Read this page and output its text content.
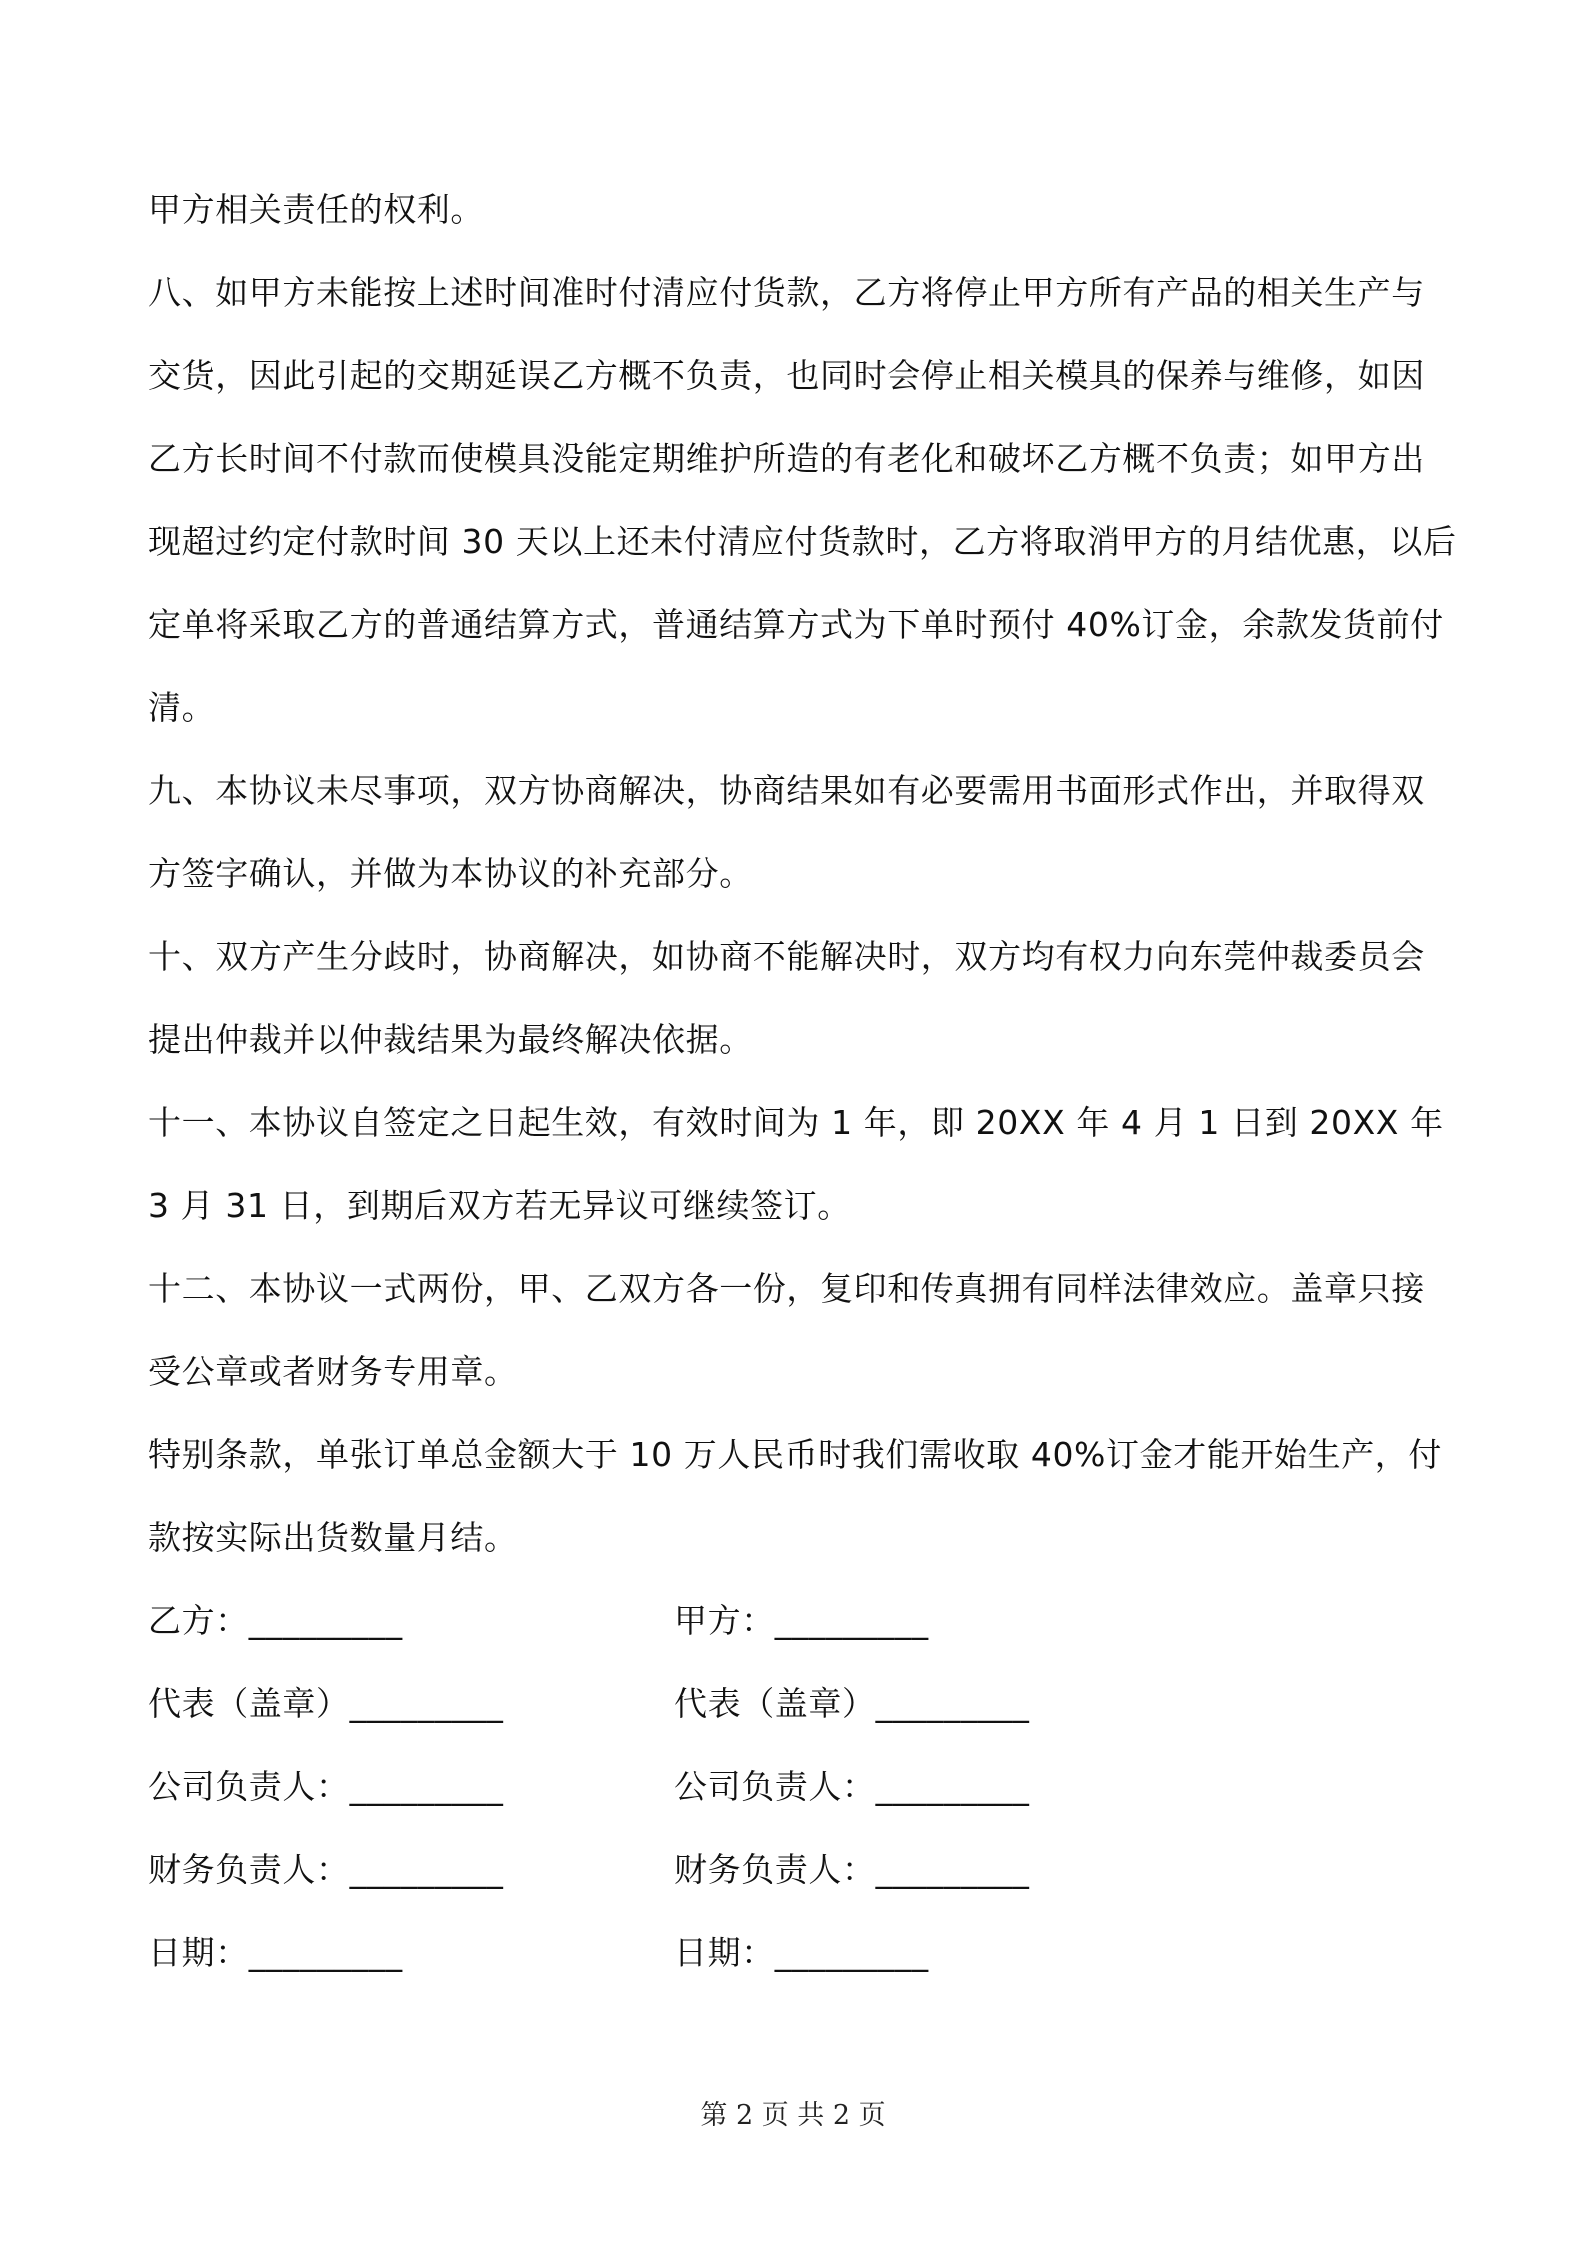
甲方相关责任的权利。

八、如甲方未能按上述时间准时付清应付货款，乙方将停止甲方所有产品的相关生产与交货，因此引起的交期延误乙方概不负责，也同时会停止相关模具的保养与维修，如因乙方长时间不付款而使模具没能定期维护所造的有老化和破坏乙方概不负责；如甲方出现超过约定付款时间 30 天以上还未付清应付货款时，乙方将取消甲方的月结优惠，以后定单将采取乙方的普通结算方式，普通结算方式为下单时预付 40%订金，余款发货前付清。

九、本协议未尽事项，双方协商解决，协商结果如有必要需用书面形式作出，并取得双方签字确认，并做为本协议的补充部分。

十、双方产生分歧时，协商解决，如协商不能解决时，双方均有权力向东莞仲裁委员会提出仲裁并以仲裁结果为最终解决依据。

十一、本协议自签定之日起生效，有效时间为 1 年，即 20XX 年 4 月 1 日到 20XX 年 3 月 31 日，到期后双方若无异议可继续签订。

十二、本协议一式两份，甲、乙双方各一份，复印和传真拥有同样法律效应。盖章只接受公章或者财务专用章。

特别条款，单张订单总金额大于 10 万人民币时我们需收取 40%订金才能开始生产，付款按实际出货数量月结。

乙方：_________	甲方：_________
代表（盖章）_________	代表（盖章）_________
公司负责人：_________	公司负责人：_________
财务负责人：_________	财务负责人：_________
日期：_________	日期：_________
第 2 页 共 2 页
